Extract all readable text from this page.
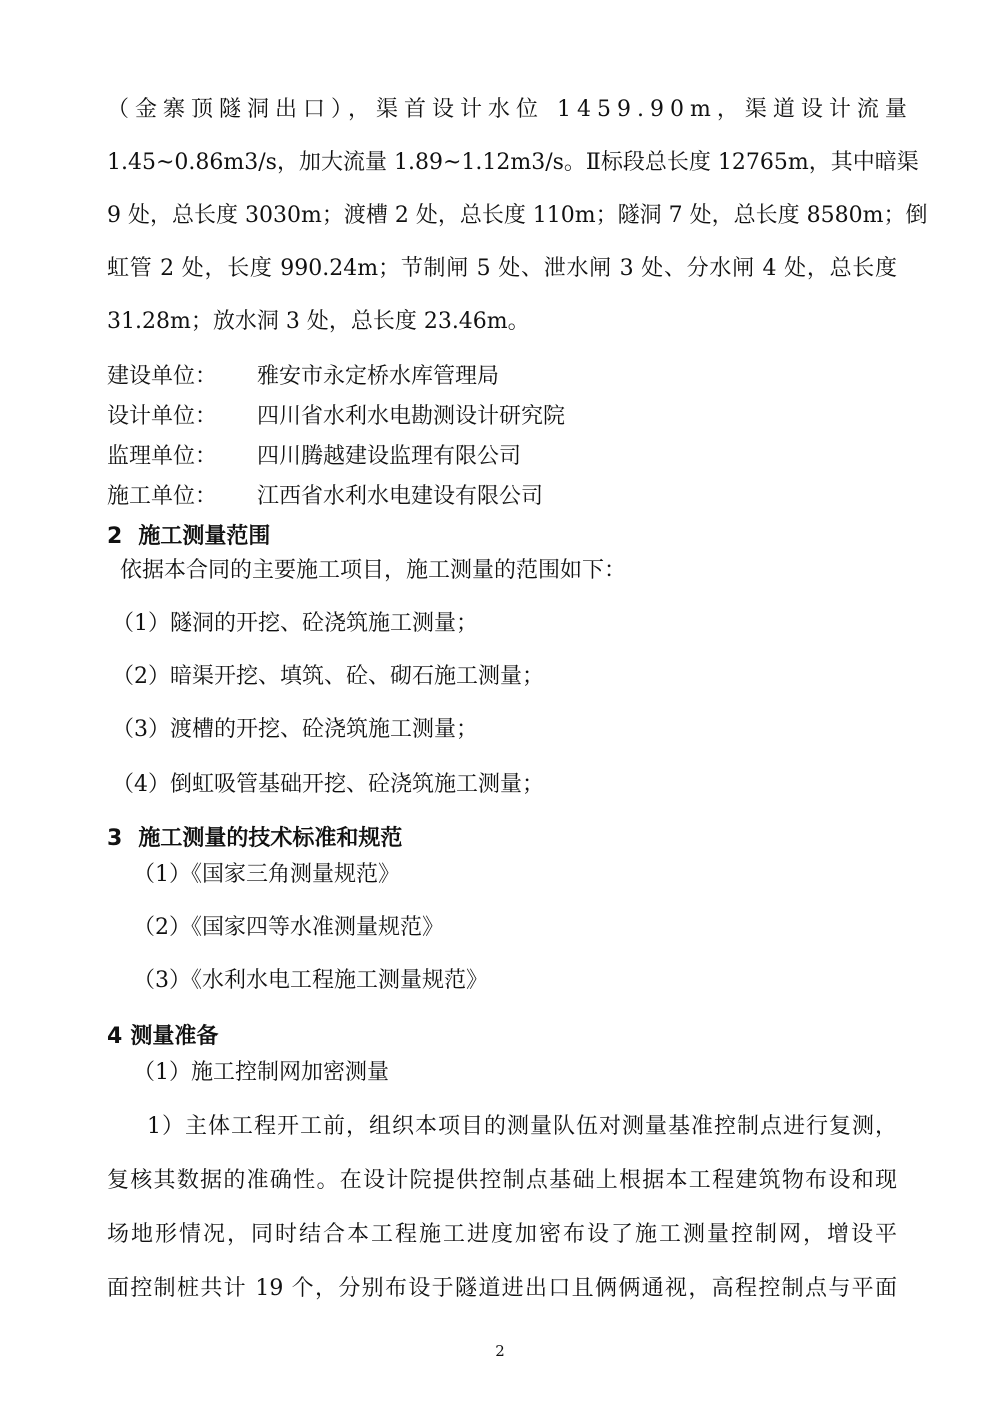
（金寨顶隧洞出口），渠首设计水位 1459.90m，渠道设计流量
1.45~0.86m3/s，加大流量 1.89~1.12m3/s。Ⅱ标段总长度 12765m，其中暗渠
9 处，总长度 3030m；渡槽 2 处，总长度 110m；隧洞 7 处，总长度 8580m；倒
虹管 2 处，长度 990.24m；节制闸 5 处、泄水闸 3 处、分水闸 4 处，总长度
31.28m；放水洞 3 处，总长度 23.46m。
建设单位： 雅安市永定桥水库管理局
设计单位： 四川省水利水电勘测设计研究院
监理单位： 四川腾越建设监理有限公司
施工单位： 江西省水利水电建设有限公司
2 施工测量范围
依据本合同的主要施工项目，施工测量的范围如下：
（1）隧洞的开挖、砼浇筑施工测量；
（2）暗渠开挖、填筑、砼、砌石施工测量；
（3）渡槽的开挖、砼浇筑施工测量；
（4）倒虹吸管基础开挖、砼浇筑施工测量；
3 施工测量的技术标准和规范
（1）《国家三角测量规范》
（2）《国家四等水准测量规范》
（3）《水利水电工程施工测量规范》
4 测量准备
（1）施工控制网加密测量
1）主体工程开工前，组织本项目的测量队伍对测量基准控制点进行复测，
复核其数据的准确性。在设计院提供控制点基础上根据本工程建筑物布设和现
场地形情况，同时结合本工程施工进度加密布设了施工测量控制网，增设平
面控制桩共计 19 个，分别布设于隧道进出口且俩俩通视，高程控制点与平面
2
